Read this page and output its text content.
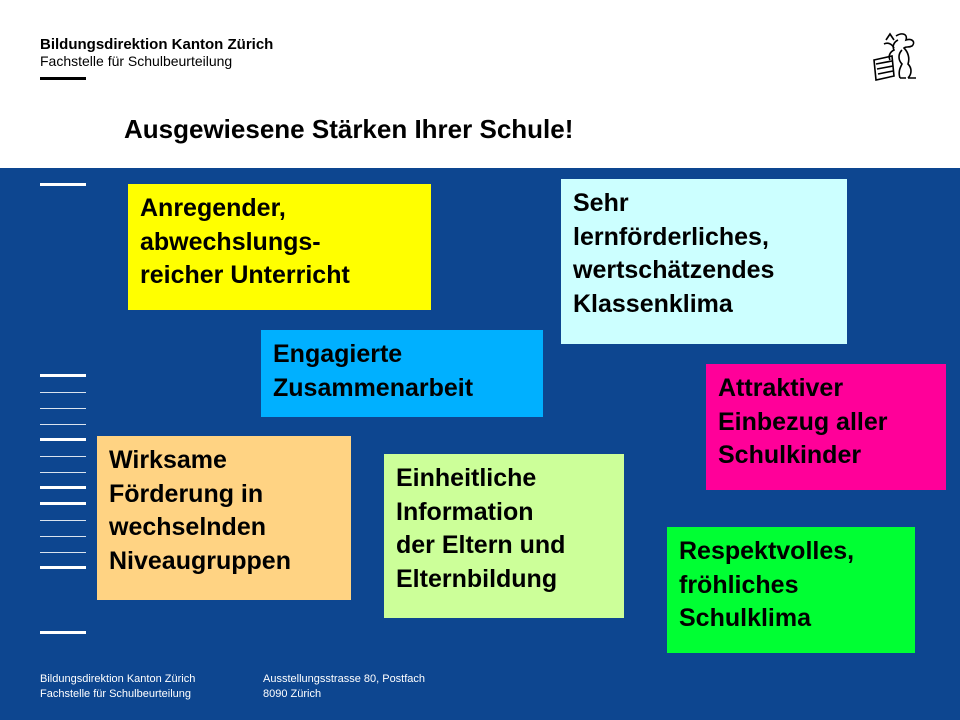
Bildungsdirektion Kanton Zürich
Fachstelle für Schulbeurteilung
Ausgewiesene Stärken Ihrer Schule!
Anregender,
abwechslungs-
reicher Unterricht
Sehr
lernförderliches,
wertschätzendes
Klassenklima
Engagierte
Zusammenarbeit	Attraktiver
Einbezug aller
Schulkinder
Wirksame
Förderung in
wechselnden
Niveaugruppen
Einheitliche
Information
der Eltern und
Elternbildung
Respektvolles,
fröhliches
Schulklima
Bildungsdirektion Kanton Zürich
Fachstelle für Schulbeurteilung
Ausstellungsstrasse 80, Postfach
8090 Zürich
